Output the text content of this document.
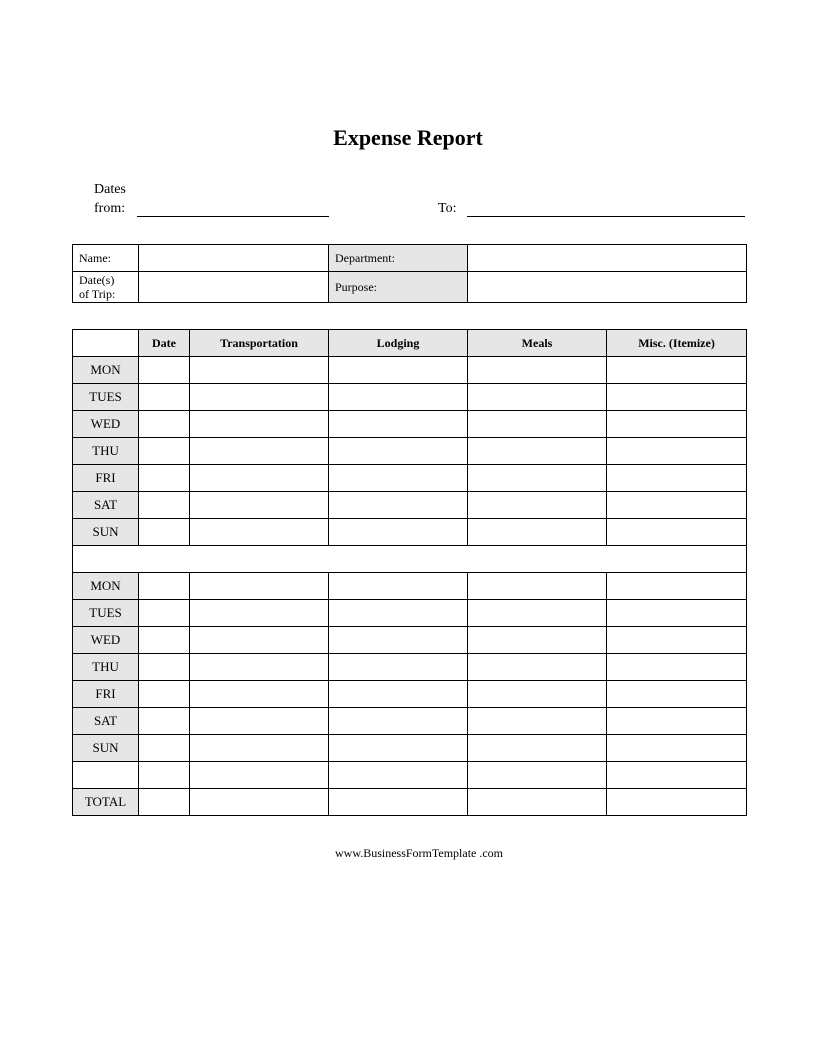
Expense Report
Dates
from:	To:
Name:		Department:	

Date(s)
of Trip:		Purpose:	
	Date	Transportation	Lodging	Meals	Misc. (Itemize)
MON					
TUES					
WED					
THU					
FRI					
SAT					
SUN					

MON					
TUES					
WED					
THU					
FRI					
SAT					
SUN					

TOTAL					
www.BusinessFormTemplate .com
